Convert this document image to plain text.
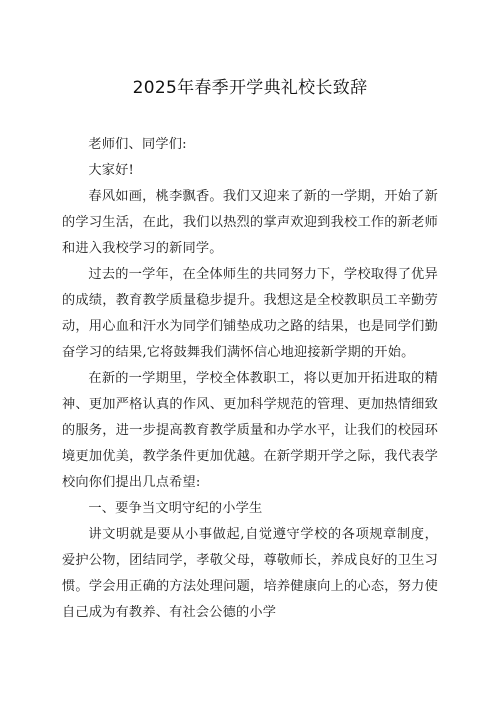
2025年春季开学典礼校长致辞

老师们、同学们:

大家好!

春风如画，桃李飘香。我们又迎来了新的一学期，开始了新的学习生活，在此，我们以热烈的掌声欢迎到我校工作的新老师和进入我校学习的新同学。

过去的一学年，在全体师生的共同努力下，学校取得了优异的成绩，教育教学质量稳步提升。我想这是全校教职员工辛勤劳动，用心血和汗水为同学们铺垫成功之路的结果，也是同学们勤奋学习的结果,它将鼓舞我们满怀信心地迎接新学期的开始。

在新的一学期里，学校全体教职工，将以更加开拓进取的精神、更加严格认真的作风、更加科学规范的管理、更加热情细致的服务，进一步提高教育教学质量和办学水平，让我们的校园环境更加优美，教学条件更加优越。在新学期开学之际，我代表学校向你们提出几点希望:

一、要争当文明守纪的小学生

讲文明就是要从小事做起,自觉遵守学校的各项规章制度，爱护公物，团结同学，孝敬父母，尊敬师长，养成良好的卫生习惯。学会用正确的方法处理问题，培养健康向上的心态，努力使自己成为有教养、有社会公德的小学
